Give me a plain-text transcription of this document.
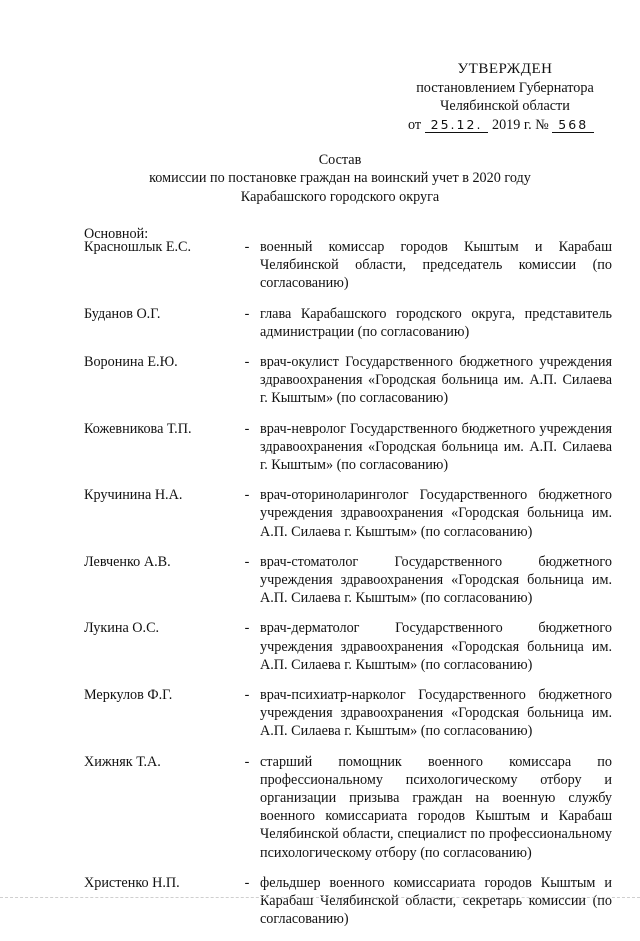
УТВЕРЖДЕН
постановлением Губернатора
Челябинской области
от 25.12. 2019 г. № 568
Состав
комиссии по постановке граждан на воинский учет в 2020 году
Карабашского городского округа
Основной:
Красношлык Е.С.	- военный комиссар городов Кыштым и Карабаш Челябинской области, председатель комиссии (по согласованию)
Буданов О.Г.	- глава Карабашского городского округа, представитель администрации (по согласованию)
Воронина Е.Ю.	- врач-окулист Государственного бюджетного учреждения здравоохранения «Городская больница им. А.П. Силаева г. Кыштым» (по согласованию)
Кожевникова Т.П.	- врач-невролог Государственного бюджетного учреждения здравоохранения «Городская больница им. А.П. Силаева г. Кыштым» (по согласованию)
Кручинина Н.А.	- врач-оториноларинголог Государственного бюджетного учреждения здравоохранения «Городская больница им. А.П. Силаева г. Кыштым» (по согласованию)
Левченко А.В.	- врач-стоматолог Государственного бюджетного учреждения здравоохранения «Городская больница им. А.П. Силаева г. Кыштым» (по согласованию)
Лукина О.С.	- врач-дерматолог Государственного бюджетного учреждения здравоохранения «Городская больница им. А.П. Силаева г. Кыштым» (по согласованию)
Меркулов Ф.Г.	- врач-психиатр-нарколог Государственного бюджетного учреждения здравоохранения «Городская больница им. А.П. Силаева г. Кыштым» (по согласованию)
Хижняк Т.А.	- старший помощник военного комиссара по профессиональному психологическому отбору и организации призыва граждан на военную службу военного комиссариата городов Кыштым и Карабаш Челябинской области, специалист по профессиональному психологическому отбору (по согласованию)
Христенко Н.П.	- фельдшер военного комиссариата городов Кыштым и Карабаш Челябинской области, секретарь комиссии (по согласованию)
